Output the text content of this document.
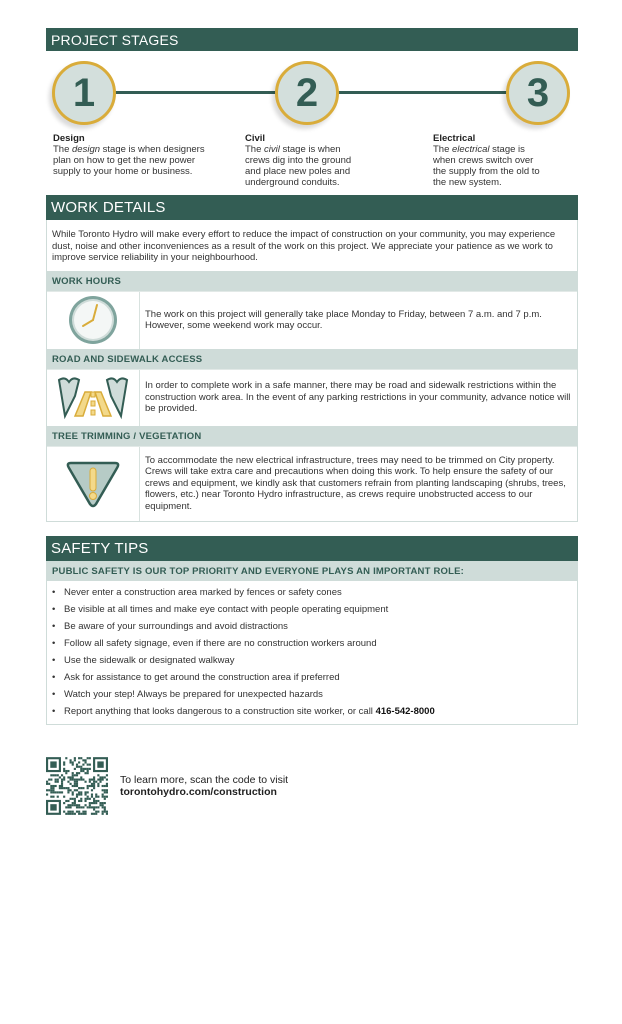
PROJECT STAGES
1	2	3
Design
The design stage is when designers plan on how to get the new power supply to your home or business.
Civil
The civil stage is when crews dig into the ground and place new poles and underground conduits.
Electrical
The electrical stage is when crews switch over the supply from the old to the new system.
WORK DETAILS
While Toronto Hydro will make every effort to reduce the impact of construction on your community, you may experience dust, noise and other inconveniences as a result of the work on this project. We appreciate your patience as we work to improve service reliability in your neighbourhood.
WORK HOURS
The work on this project will generally take place Monday to Friday, between 7 a.m. and 7 p.m. However, some weekend work may occur.
ROAD AND SIDEWALK ACCESS
In order to complete work in a safe manner, there may be road and sidewalk restrictions within the construction work area. In the event of any parking restrictions in your community, advance notice will be provided.
TREE TRIMMING / VEGETATION
To accommodate the new electrical infrastructure, trees may need to be trimmed on City property. Crews will take extra care and precautions when doing this work. To help ensure the safety of our crews and equipment, we kindly ask that customers refrain from planting landscaping (shrubs, trees, flowers, etc.) near Toronto Hydro infrastructure, as crews require unobstructed access to our equipment.
SAFETY TIPS
PUBLIC SAFETY IS OUR TOP PRIORITY AND EVERYONE PLAYS AN IMPORTANT ROLE:
• Never enter a construction area marked by fences or safety cones
• Be visible at all times and make eye contact with people operating equipment
• Be aware of your surroundings and avoid distractions
• Follow all safety signage, even if there are no construction workers around
• Use the sidewalk or designated walkway
• Ask for assistance to get around the construction area if preferred
• Watch your step! Always be prepared for unexpected hazards
• Report anything that looks dangerous to a construction site worker, or call 416-542-8000
To learn more, scan the code to visit
torontohydro.com/construction
